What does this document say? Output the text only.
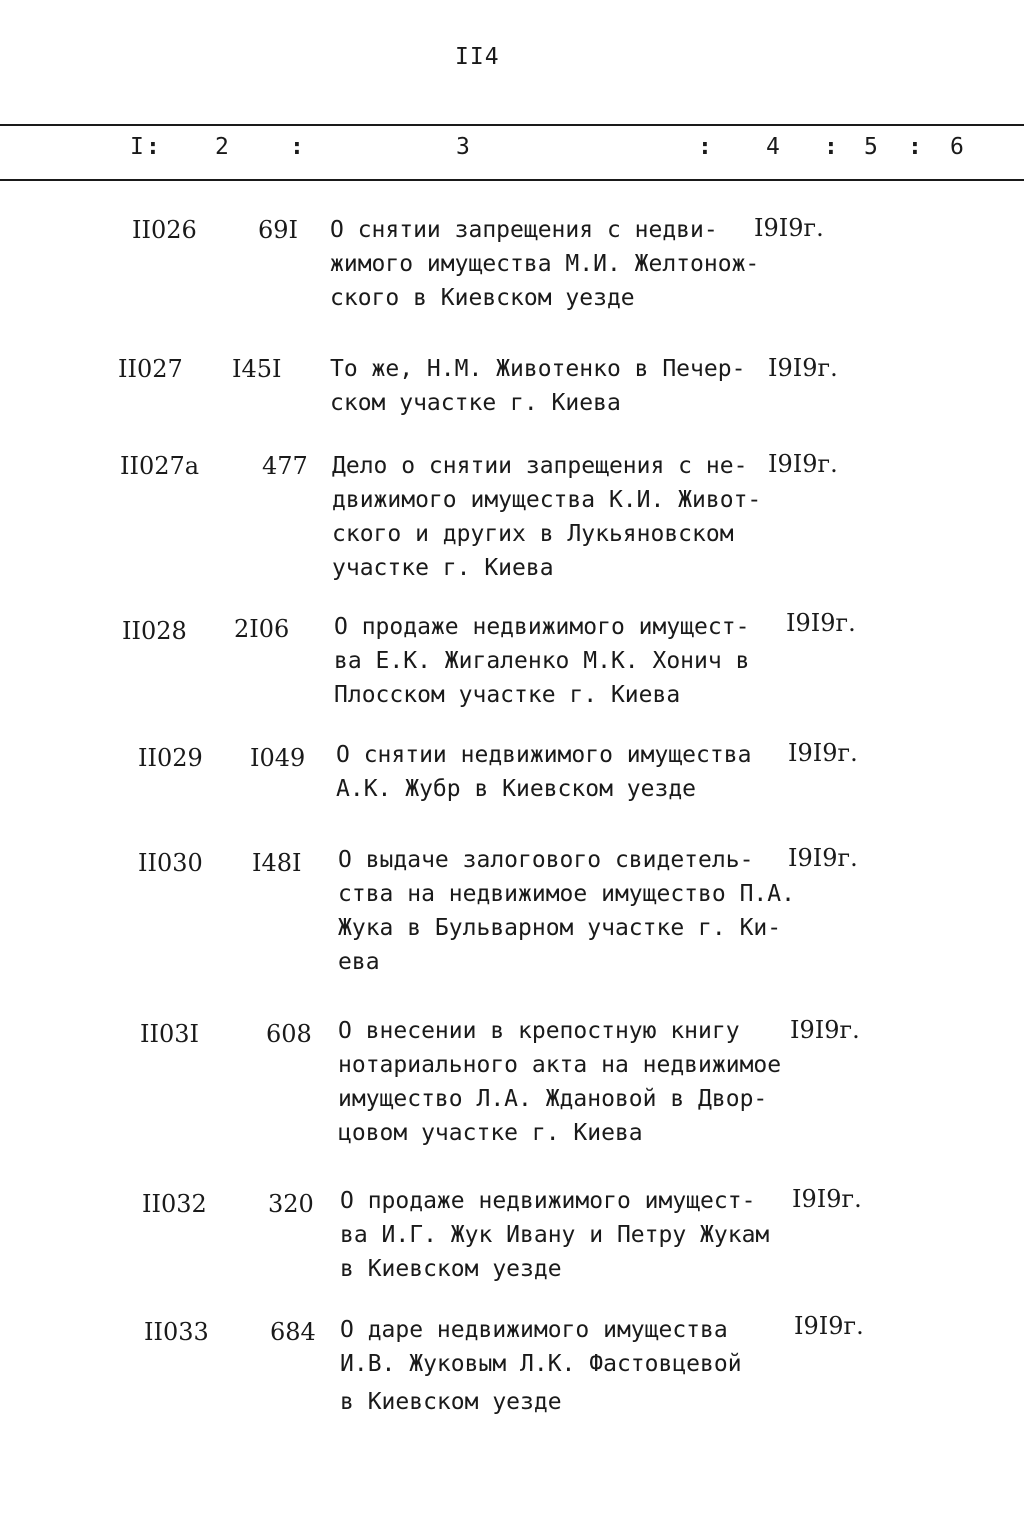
II4
I : 2	:	3	: 4 : 5 : 6
II026	69I О снятии запрещения с недви-
жимого имущества М.И. Желтонож-
ского в Киевском уезде
I9I9г.
II027 I45I То же, Н.М. Животенко в Печер-
ском участке г. Киева
I9I9г.
II027а	477 Дело о снятии запрещения с не-
движимого имущества К.И. Живот-
ского и других в Лукьяновском
участке г. Киева
I9I9г.
II028 2I06 О продаже недвижимого имущест-
ва Е.К. Жигаленко М.К. Хонич в
Плосском участке г. Киева
I9I9г.
II029 I049 О снятии недвижимого имущества
А.К. Жубр в Киевском уезде
I9I9г.
II030 I48I О выдаче залогового свидетель-
ства на недвижимое имущество П.А.
Жука в Бульварном участке г. Ки-
ева
I9I9г.
II03I	608 О внесении в крепостную книгу
нотариального акта на недвижимое
имущество Л.А. Ждановой в Двор-
цовом участке г. Киева
I9I9г.
II032	320 О продаже недвижимого имущест-
ва И.Г. Жук Ивану и Петру Жукам
в Киевском уезде
I9I9г.
II033	684 О даре недвижимого имущества
И.В. Жуковым Л.К. Фастовцевой
в Киевском уезде
I9I9г.
